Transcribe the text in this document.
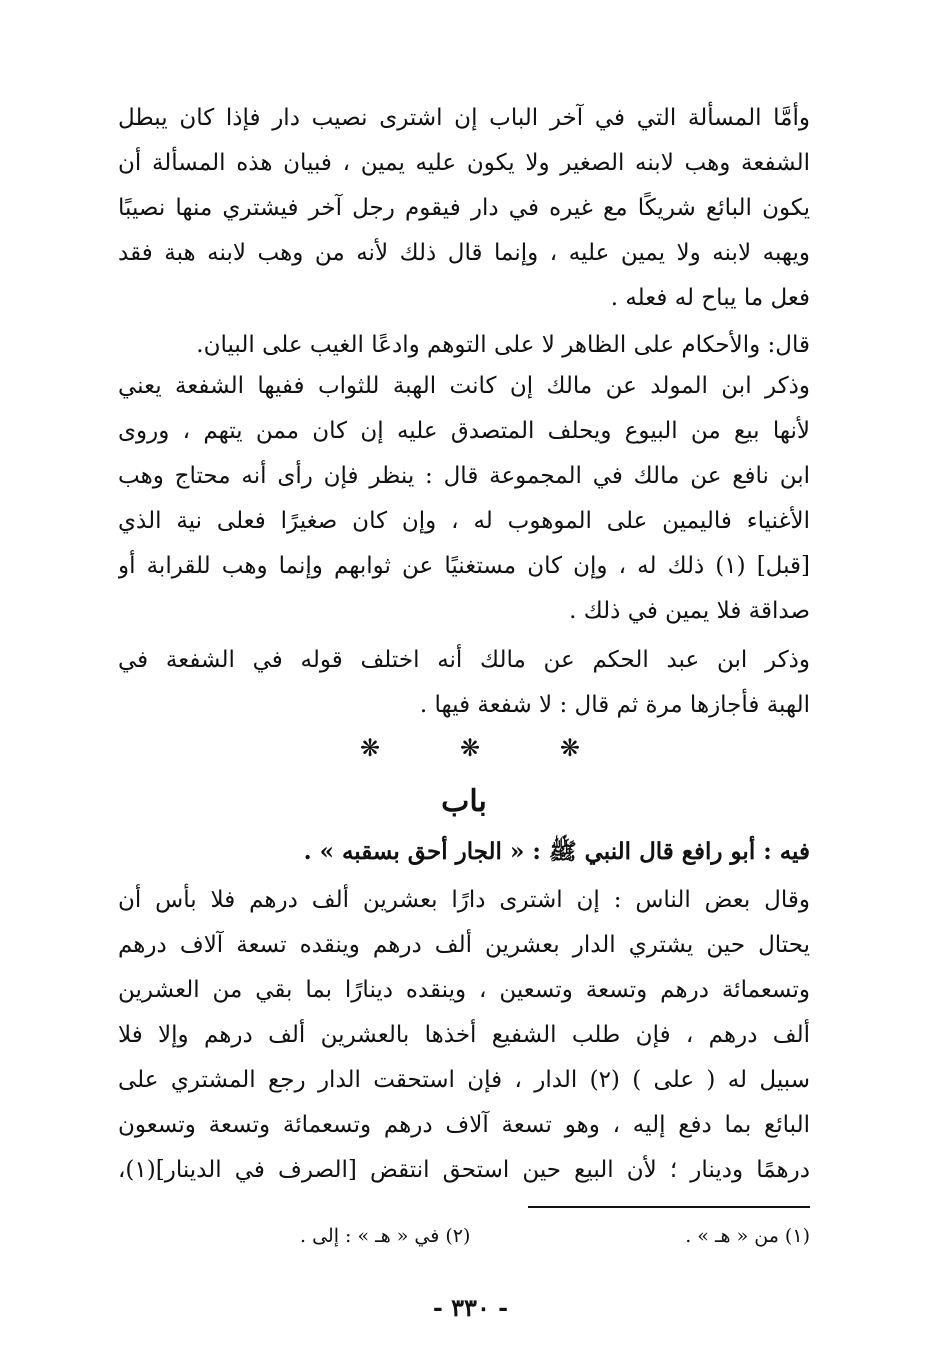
وأمَّا المسألة التي في آخر الباب إن اشترى نصيب دار فإذا كان يبطل
الشفعة وهب لابنه الصغير ولا يكون عليه يمين ، فبيان هذه المسألة أن
يكون البائع شريكًا مع غيره في دار فيقوم رجل آخر فيشتري منها نصيبًا
ويهبه لابنه ولا يمين عليه ، وإنما قال ذلك لأنه من وهب لابنه هبة فقد
فعل ما يباح له فعله .

قال: والأحكام على الظاهر لا على التوهم وادعًا الغيب على البيان.

وذكر ابن المولد عن مالك إن كانت الهبة للثواب ففيها الشفعة يعني
لأنها بيع من البيوع ويحلف المتصدق عليه إن كان ممن يتهم ، وروى
ابن نافع عن مالك في المجموعة قال : ينظر فإن رأى أنه محتاج وهب
الأغنياء فاليمين على الموهوب له ، وإن كان صغيرًا فعلى نية الذي
[قبل] (١) ذلك له ، وإن كان مستغنيًا عن ثوابهم وإنما وهب للقرابة أو
صداقة فلا يمين في ذلك .

وذكر ابن عبد الحكم عن مالك أنه اختلف قوله في الشفعة في
الهبة فأجازها مرة ثم قال : لا شفعة فيها .

❋
❋
❋
باب
فيه : أبو رافع قال النبي ﷺ : « الجار أحق بسقبه » .

وقال بعض الناس : إن اشترى دارًا بعشرين ألف درهم فلا بأس أن
يحتال حين يشتري الدار بعشرين ألف درهم وينقده تسعة آلاف درهم
وتسعمائة درهم وتسعة وتسعين ، وينقده دينارًا بما بقي من العشرين
ألف درهم ، فإن طلب الشفيع أخذها بالعشرين ألف درهم وإلا فلا
سبيل له ( على ) (٢) الدار ، فإن استحقت الدار رجع المشتري على
البائع بما دفع إليه ، وهو تسعة آلاف درهم وتسعمائة وتسعة وتسعون
درهمًا ودينار ؛ لأن البيع حين استحق انتقض [الصرف في الدينار](١)،

(١) من « هـ » .
(٢) في « هـ » : إلى .
- ٣٣٠ -
